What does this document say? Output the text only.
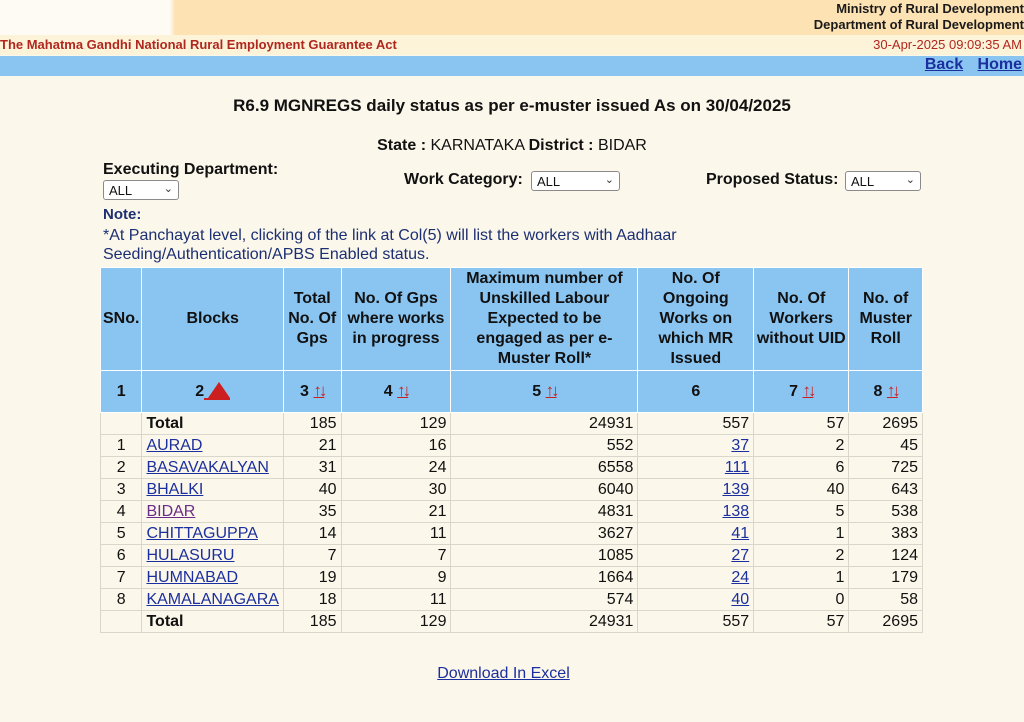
Ministry of Rural Development
Department of Rural Development
The Mahatma Gandhi National Rural Employment Guarantee Act	30-Apr-2025 09:09:35 AM
Back Home
R6.9 MGNREGS daily status as per e-muster issued As on 30/04/2025
State : KARNATAKA District : BIDAR
Executing Department:
ALL	⌄
Work Category:	ALL	⌄	Proposed Status: ALL	⌄
Note:
*At Panchayat level, clicking of the link at Col(5) will list the workers with Aadhaar Seeding/Authentication/APBS Enabled status.
SNo.	Blocks	Total No. Of Gps	No. Of Gps where works in progress	Maximum number of Unskilled Labour Expected to be engaged as per e-Muster Roll*	No. Of Ongoing Works on which MR Issued	No. Of Workers without UID	No. of Muster Roll
1	2	3 ↑↓	4 ↑↓	5 ↑↓	6	7 ↑↓	8 ↑↓
	Total	185	129	24931	557	57	2695
1	AURAD	21	16	552	37	2	45
2	BASAVAKALYAN	31	24	6558	111	6	725
3	BHALKI	40	30	6040	139	40	643
4	BIDAR	35	21	4831	138	5	538
5	CHITTAGUPPA	14	11	3627	41	1	383
6	HULASURU	7	7	1085	27	2	124
7	HUMNABAD	19	9	1664	24	1	179
8	KAMALANAGARA	18	11	574	40	0	58
	Total	185	129	24931	557	57	2695
Download In Excel
